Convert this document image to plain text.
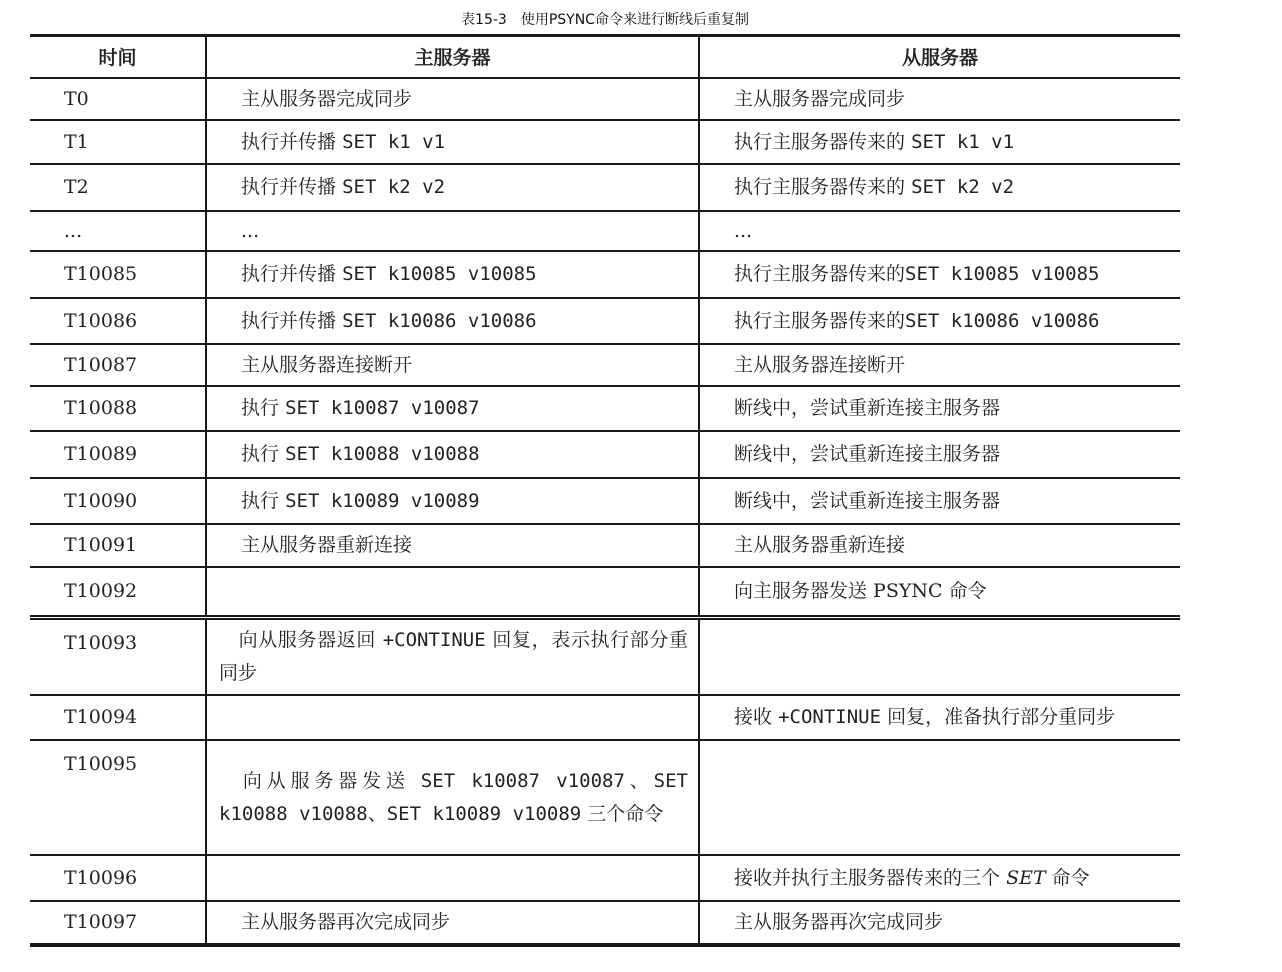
表15-3　使用PSYNC命令来进行断线后重复制
时间	主服务器	从服务器
T0	主从服务器完成同步	主从服务器完成同步
T1	执行并传播 SET k1 v1	执行主服务器传来的 SET k1 v1
T2	执行并传播 SET k2 v2	执行主服务器传来的 SET k2 v2
...	...	...
T10085	执行并传播 SET k10085 v10085	执行主服务器传来的SET k10085 v10085
T10086	执行并传播 SET k10086 v10086	执行主服务器传来的SET k10086 v10086
T10087	主从服务器连接断开	主从服务器连接断开
T10088	执行 SET k10087 v10087	断线中，尝试重新连接主服务器
T10089	执行 SET k10088 v10088	断线中，尝试重新连接主服务器
T10090	执行 SET k10089 v10089	断线中，尝试重新连接主服务器
T10091	主从服务器重新连接	主从服务器重新连接
T10092		向主服务器发送 PSYNC 命令
T10093	　向从服务器返回 +CONTINUE 回复，表示执行部分重同步	
T10094		接收 +CONTINUE 回复，准备执行部分重同步
T10095	　向从服务器发送 SET k10087 v10087、SET k10088 v10088、SET k10089 v10089 三个命令	
T10096		接收并执行主服务器传来的三个 SET 命令
T10097	主从服务器再次完成同步	主从服务器再次完成同步
